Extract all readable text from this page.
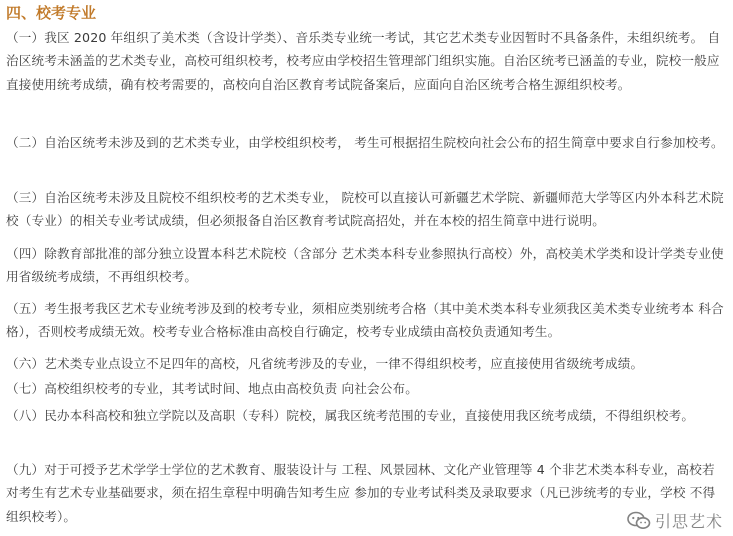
四、校考专业
（一）我区 2020 年组织了美术类（含设计学类）、音乐类专业统一考试，其它艺术类专业因暂时不具备条件，未组织统考。 自治区统考未涵盖的艺术类专业，高校可组织校考，校考应由学校招生管理部门组织实施。自治区统考已涵盖的专业，院校一般应直接使用统考成绩，确有校考需要的，高校向自治区教育考试院备案后，应面向自治区统考合格生源组织校考。
（二）自治区统考未涉及到的艺术类专业，由学校组织校考， 考生可根据招生院校向社会公布的招生简章中要求自行参加校考。
（三）自治区统考未涉及且院校不组织校考的艺术类专业， 院校可以直接认可新疆艺术学院、新疆师范大学等区内外本科艺术院校（专业）的相关专业考试成绩，但必须报备自治区教育考试院高招处，并在本校的招生简章中进行说明。
（四）除教育部批准的部分独立设置本科艺术院校（含部分 艺术类本科专业参照执行高校）外，高校美术学类和设计学类专业使用省级统考成绩，不再组织校考。
（五）考生报考我区艺术专业统考涉及到的校考专业，须相应类别统考合格（其中美术类本科专业须我区美术类专业统考本 科合格），否则校考成绩无效。校考专业合格标准由高校自行确定，校考专业成绩由高校负责通知考生。
（六）艺术类专业点设立不足四年的高校，凡省统考涉及的专业，一律不得组织校考，应直接使用省级统考成绩。
（七）高校组织校考的专业，其考试时间、地点由高校负责 向社会公布。
（八）民办本科高校和独立学院以及高职（专科）院校，属我区统考范围的专业，直接使用我区统考成绩，不得组织校考。
（九）对于可授予艺术学学士学位的艺术教育、服装设计与 工程、风景园林、文化产业管理等 4 个非艺术类本科专业，高校若对考生有艺术专业基础要求，须在招生章程中明确告知考生应 参加的专业考试科类及录取要求（凡已涉统考的专业，学校 不得组织校考）。	引思艺术
